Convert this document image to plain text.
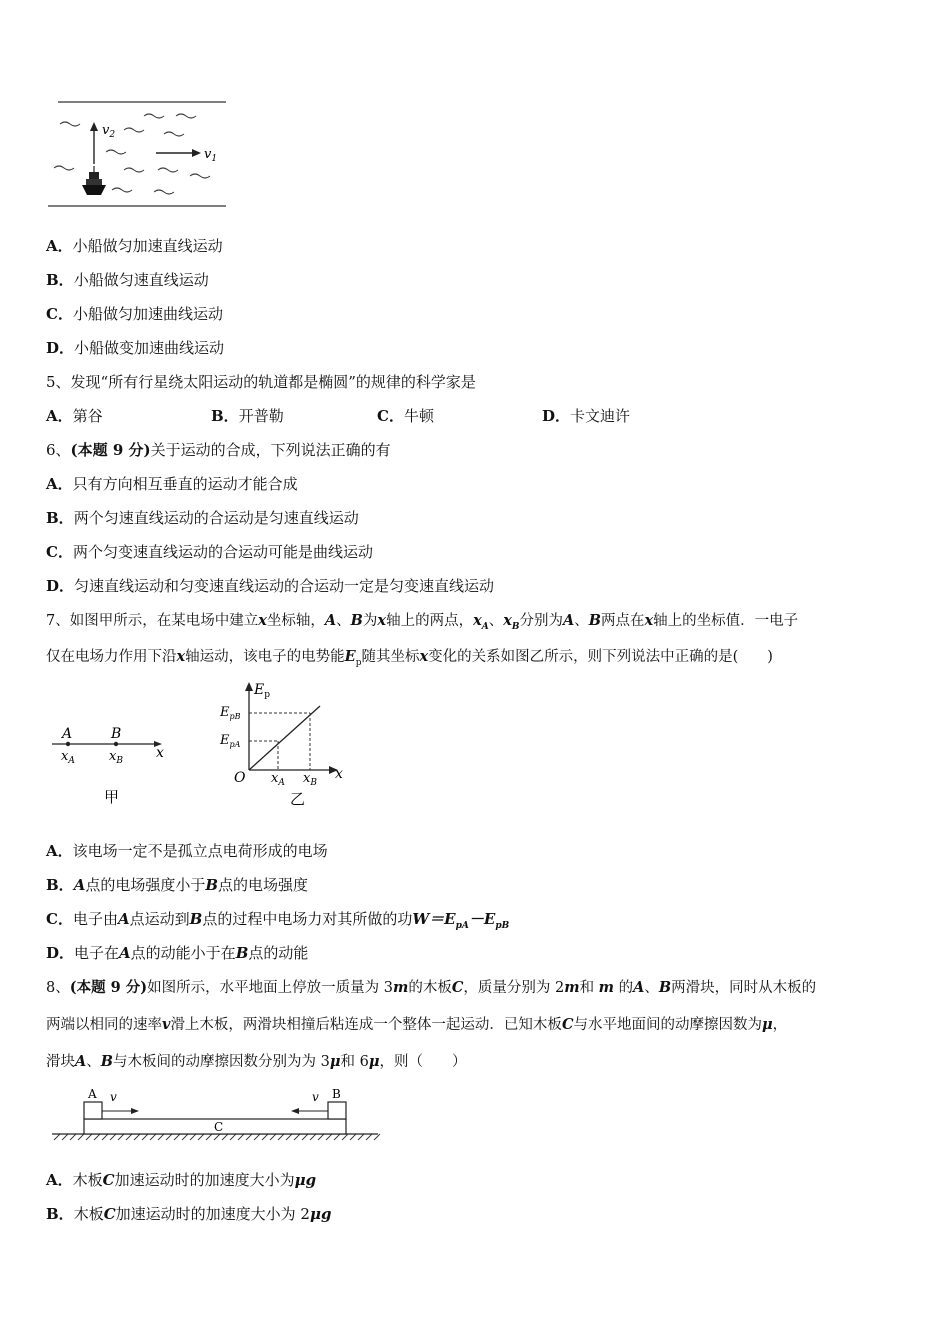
$v_2$
$v_1$
A．小船做匀加速直线运动
B．小船做匀速直线运动
C．小船做匀加速曲线运动
D．小船做变加速曲线运动
5、发现“所有行星绕太阳运动的轨道都是椭圆”的规律的科学家是
A．第谷	B．开普勒	C．牛顿	D．卡文迪许
6、(本题 9 分)关于运动的合成，下列说法正确的有
A．只有方向相互垂直的运动才能合成
B．两个匀速直线运动的合运动是匀速直线运动
C．两个匀变速直线运动的合运动可能是曲线运动
D．匀速直线运动和匀变速直线运动的合运动一定是匀变速直线运动
7、如图甲所示，在某电场中建立x坐标轴，A、B为x轴上的两点，$x_A$、$x_B$分别为A、B两点在x轴上的坐标值．一电子
仅在电场力作用下沿x轴运动，该电子的电势能$E_p$随其坐标x变化的关系如图乙所示，则下列说法中正确的是(　　)
A	B
$x_A$	$x_B$ x
甲
$E_p$
$E_{pB}$
$E_{pA}$
O $x_A$ $x_B$
x
乙
A．该电场一定不是孤立点电荷形成的电场
B．A点的电场强度小于B点的电场强度
C．电子由A点运动到B点的过程中电场力对其所做的功$W=E_{pA}-E_{pB}$
D．电子在A点的动能小于在B点的动能
8、(本题 9 分)如图所示，水平地面上停放一质量为 3m的木板C，质量分别为 2m和 m 的A、B两滑块，同时从木板的
两端以相同的速率v滑上木板，两滑块相撞后粘连成一个整体一起运动．已知木板C与水平地面间的动摩擦因数为μ，
滑块A、B与木板间的动摩擦因数分别为为 3μ和 6μ，则（　　）
C
A	B
v	v
A．木板C加速运动时的加速度大小为μg
B．木板C加速运动时的加速度大小为 2μg
